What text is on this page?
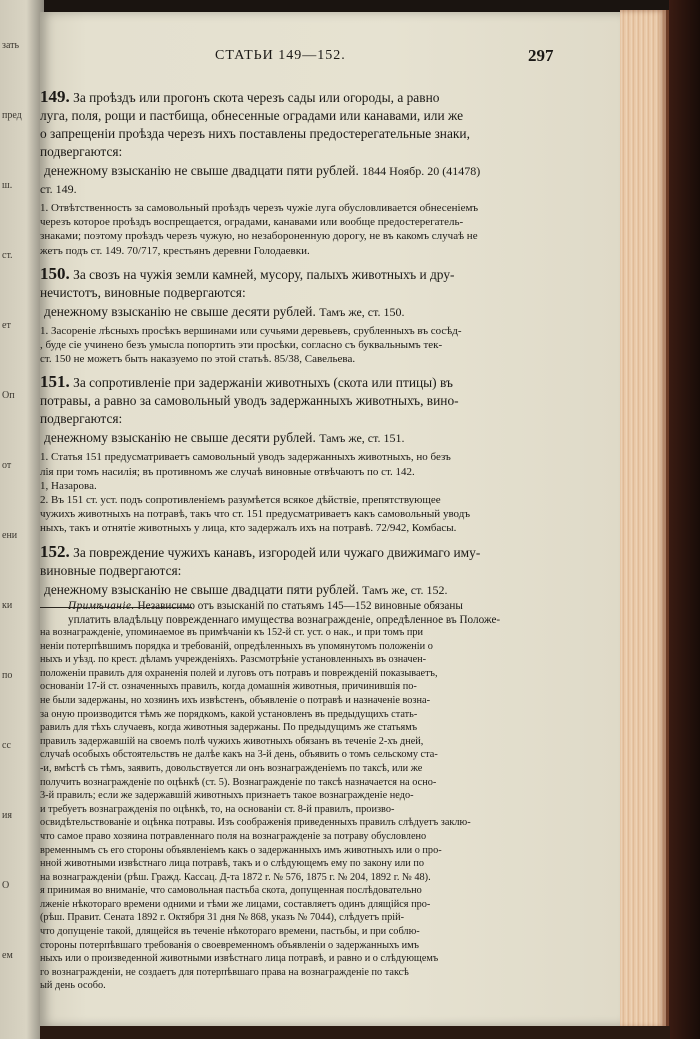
зать
пред
ш.
ст.
ет
Оп
от
ени
ки
по
сс
ия
О
ем
СТАТЬИ 149—152.	297
149. За проѣздъ или прогонъ скота черезъ сады или огороды, а равно
луга, поля, рощи и пастбища, обнесенные оградами или канавами, или же
о запрещеніи проѣзда черезъ нихъ поставлены предостерегательные знаки,
подвергаются:
денежному взысканію не свыше двадцати пяти рублей. 1844 Ноябр. 20 (41478)
ст. 149.
1. Отвѣтственность за самовольный проѣздъ черезъ чужіе луга обусловливается обнесеніемъ
черезъ которое проѣздъ воспрещается, оградами, канавами или вообще предостерегатель-
знаками; поэтому проѣздъ черезъ чужую, но незабороненную дорогу, не въ какомъ случаѣ не
жетъ подъ ст. 149. 70/717, крестьянъ деревни Голодаевки.
150. За свозъ на чужія земли камней, мусору, палыхъ животныхъ и дру-
нечистотъ, виновные подвергаются:
денежному взысканію не свыше десяти рублей. Тамъ же, ст. 150.
1. Засореніе лѣсныхъ просѣкъ вершинами или сучьями деревьевъ, срубленныхъ въ сосѣд-
, буде сіе учинено безъ умысла попортить эти просѣки, согласно съ буквальнымъ тек-
ст. 150 не можетъ быть наказуемо по этой статьѣ. 85/38, Савельева.
151. За сопротивленіе при задержаніи животныхъ (скота или птицы) въ
потравы, а равно за самовольный уводъ задержанныхъ животныхъ, вино-
подвергаются:
денежному взысканію не свыше десяти рублей. Тамъ же, ст. 151.
1. Статья 151 предусматриваетъ самовольный уводъ задержанныхъ животныхъ, но безъ
лія при томъ насилія; въ противномъ же случаѣ виновные отвѣчаютъ по ст. 142.
1, Назарова.
2. Въ 151 ст. уст. подъ сопротивленіемъ разумѣется всякое дѣйствіе, препятствующее
чужихъ животныхъ на потравѣ, такъ что ст. 151 предусматриваетъ какъ самовольный уводъ
ныхъ, такъ и отнятіе животныхъ у лица, кто задержалъ ихъ на потравѣ. 72/942, Комбасы.
152. За повреждение чужихъ канавъ, изгородей или чужаго движимаго иму-
виновные подвергаются:
денежному взысканію не свыше двадцати пяти рублей. Тамъ же, ст. 152.
Примѣчаніе. Независимо отъ взысканій по статьямъ 145—152 виновные обязаны
уплатить владѣльцу поврежденнаго имущества вознагражденіе, опредѣленное въ Положе-
на вознагражденіе, упоминаемое въ примѣчаніи къ 152-й ст. уст. о нак., и при томъ при
ненiи потерпѣвшимъ порядка и требованій, опредѣленныхъ въ упомянутомъ положеніи о
ныхъ и уѣзд. по крест. дѣламъ учрежденіяхъ. Разсмотрѣніе установленныхъ въ означен-
положеніи правилъ для охраненія полей и луговъ отъ потравъ и поврежденій показываетъ,
основаніи 17-й ст. означенныхъ правилъ, когда домашнія животныя, причинившія по-
не были задержаны, но хозяинъ ихъ извѣстенъ, объявленіе о потравѣ и назначеніе возна-
за оную производится тѣмъ же порядкомъ, какой установленъ въ предыдущихъ стать-
равилъ для тѣхъ случаевъ, когда животныя задержаны. По предыдущимъ же статьямъ
правилъ задержавшій на своемъ полѣ чужихъ животныхъ обязанъ въ теченіе 2-хъ дней,
случаѣ особыхъ обстоятельствъ не далѣе какъ на 3-й день, объявить о томъ сельскому ста-
-и, вмѣстѣ съ тѣмъ, заявить, довольствуется ли онъ вознагражденіемъ по таксѣ, или же
получить вознагражденіе по оцѣнкѣ (ст. 5). Вознагражденіе по таксѣ назначается на осно-
3-й правилъ; если же задержавшій животныхъ признаетъ такое вознагражденіе недо-
и требуетъ вознагражденія по оцѣнкѣ, то, на основаніи ст. 8-й правилъ, произво-
освидѣтельствованіе и оцѣнка потравы. Изъ соображенія приведенныхъ правилъ слѣдуетъ заклю-
что самое право хозяина потравленнаго поля на вознагражденіе за потраву обусловлено
временнымъ съ его стороны объявленіемъ какъ о задержанныхъ имъ животныхъ или о про-
нной животными извѣстнаго лица потравѣ, такъ и о слѣдующемъ ему по закону или по
на вознагражденіи (рѣш. Гражд. Кассац. Д-та 1872 г. № 576, 1875 г. № 204, 1892 г. № 48).
я принимая во вниманіе, что самовольная пастьба скота, допущенная послѣдовательно
лженіе нѣкотораго времени одними и тѣми же лицами, составляетъ одинъ длящійся про-
(рѣш. Правит. Сената 1892 г. Октября 31 дня № 868, указъ № 7044), слѣдуетъ прій-
что допущеніе такой, длящейся въ теченіе нѣкотораго времени, пастьбы, и при соблю-
стороны потерпѣвшаго требованія о своевременномъ объявленіи о задержанныхъ имъ
ныхъ или о произведенной животными извѣстнаго лица потравѣ, и равно и о слѣдующемъ
го вознагражденіи, не создаетъ для потерпѣвшаго права на вознагражденіе по таксѣ
ый день особо.
